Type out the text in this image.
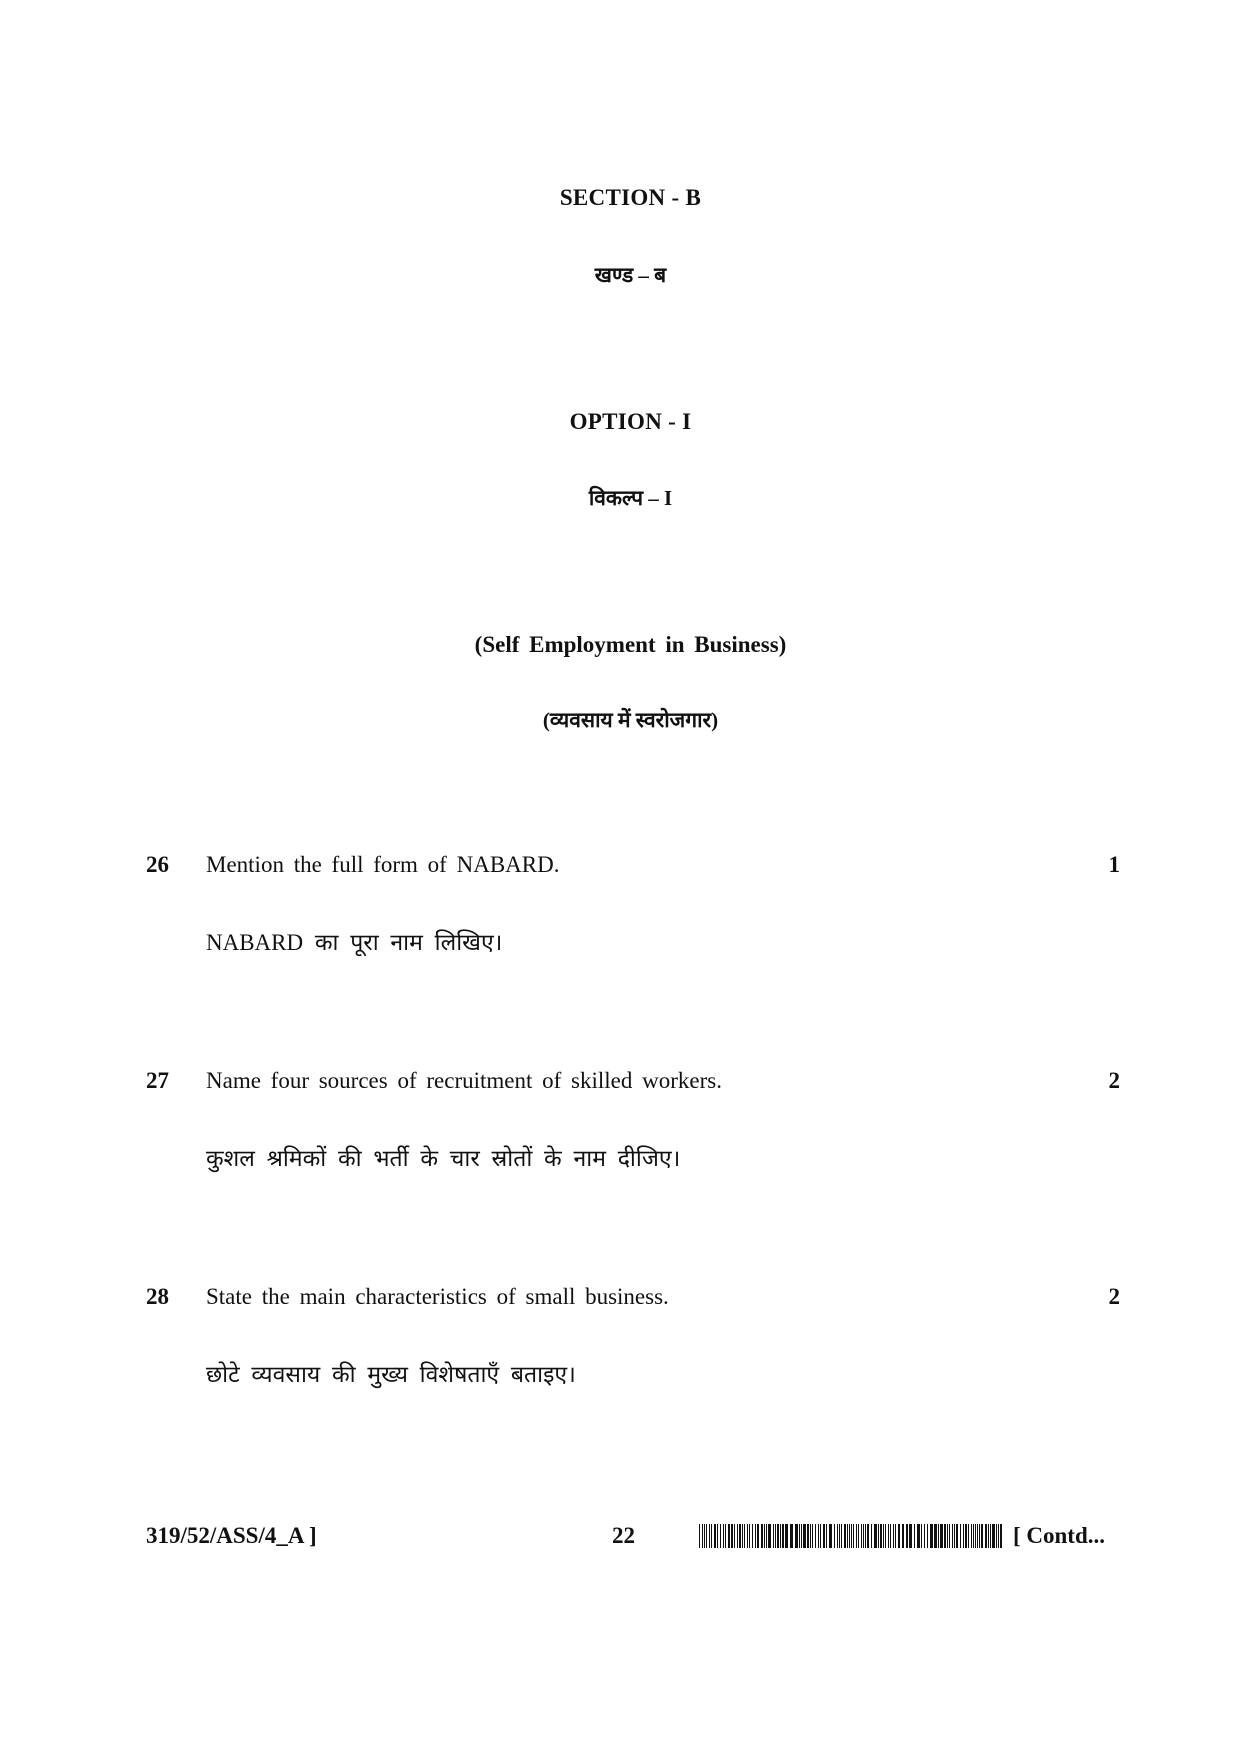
SECTION - B
खण्ड – ब
OPTION - I
विकल्प – I
(Self Employment in Business)
(व्यवसाय में स्वरोजगार)
26 Mention the full form of NABARD.	1
NABARD का पूरा नाम लिखिए।
27 Name four sources of recruitment of skilled workers.	2
कुशल श्रमिकों की भर्ती के चार स्रोतों के नाम दीजिए।
28 State the main characteristics of small business.	2
छोटे व्यवसाय की मुख्य विशेषताएँ बताइए।
319/52/ASS/4_A ]	22	[ Contd...
